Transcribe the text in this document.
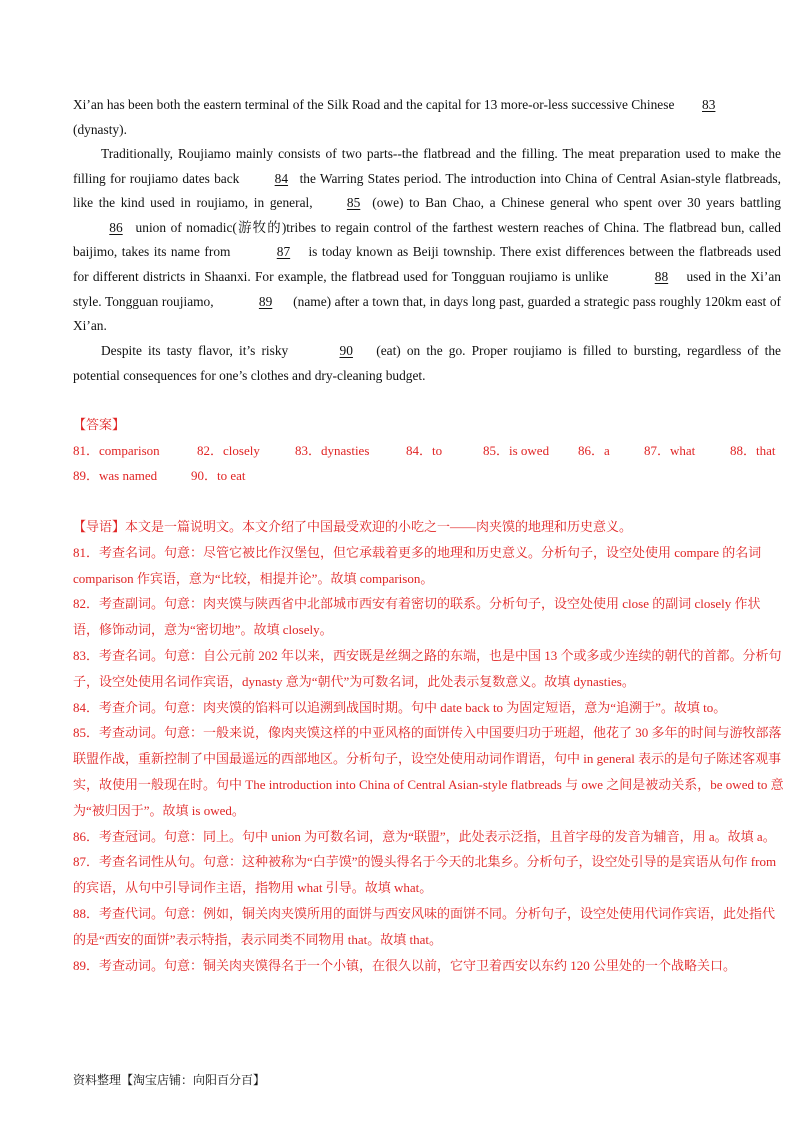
Xi’an has been both the eastern terminal of the Silk Road and the capital for 13 more-or-less successive Chinese 83
(dynasty).

Traditionally, Roujiamo mainly consists of two parts--the flatbread and the filling. The meat preparation used to make the filling for roujiamo dates back	84 the Warring States period. The introduction into China of Central Asian-style flatbreads, like the kind used in roujiamo, in general,	85 (owe) to Ban Chao, a Chinese general who spent over 30 years battling86 union of nomadic(游牧的)tribes to regain control of the farthest western reaches of China. The flatbread bun, called baijimo, takes its name from	87 is today known as Beiji township. There exist differences between the flatbreads used for different districts in Shaanxi. For example, the flatbread used for Tongguan roujiamo is unlike	88 used in the Xi’an style. Tongguan roujiamo,	89 (name) after a town that, in days long past, guarded a strategic pass roughly 120km east of Xi’an.

Despite its tasty flavor, it’s risky	90 (eat) on the go. Proper roujiamo is filled to bursting, regardless of the potential consequences for one’s clothes and dry-cleaning budget.

【答案】
81．comparison	82．closely	83．dynasties	84．to	85．is owed 86．a	87．what	88．that
89．was named	90．to eat

【导语】本文是一篇说明文。本文介绍了中国最受欢迎的小吃之一——肉夹馍的地理和历史意义。

81．考查名词。句意：尽管它被比作汉堡包，但它承载着更多的地理和历史意义。分析句子，设空处使用 compare 的名词 comparison 作宾语，意为“比较，相提并论”。故填 comparison。

82．考查副词。句意：肉夹馍与陕西省中北部城市西安有着密切的联系。分析句子，设空处使用 close 的副词 closely 作状语，修饰动词，意为“密切地”。故填 closely。

83．考查名词。句意：自公元前 202 年以来，西安既是丝绸之路的东端，也是中国 13 个或多或少连续的朝代的首都。分析句子，设空处使用名词作宾语，dynasty 意为“朝代”为可数名词，此处表示复数意义。故填 dynasties。

84．考查介词。句意：肉夹馍的馅料可以追溯到战国时期。句中 date back to 为固定短语，意为“追溯于”。故填 to。

85．考查动词。句意：一般来说，像肉夹馍这样的中亚风格的面饼传入中国要归功于班超，他花了 30 多年的时间与游牧部落联盟作战，重新控制了中国最遥远的西部地区。分析句子，设空处使用动词作谓语，句中 in general 表示的是句子陈述客观事实，故使用一般现在时。句中 The introduction into China of Central Asian-style flatbreads 与 owe 之间是被动关系，be owed to 意为“被归因于”。故填 is owed。

86．考查冠词。句意：同上。句中 union 为可数名词，意为“联盟”，此处表示泛指，且首字母的发音为辅音，用 a。故填 a。

87．考查名词性从句。句意：这种被称为“白芋馍”的馒头得名于今天的北集乡。分析句子，设空处引导的是宾语从句作 from 的宾语，从句中引导词作主语，指物用 what 引导。故填 what。

88．考查代词。句意：例如，铜关肉夹馍所用的面饼与西安风味的面饼不同。分析句子，设空处使用代词作宾语，此处指代的是“西安的面饼”表示特指，表示同类不同物用 that。故填 that。

89．考查动词。句意：铜关肉夹馍得名于一个小镇，在很久以前，它守卫着西安以东约 120 公里处的一个战略关口。

资料整理【淘宝店铺：向阳百分百】
